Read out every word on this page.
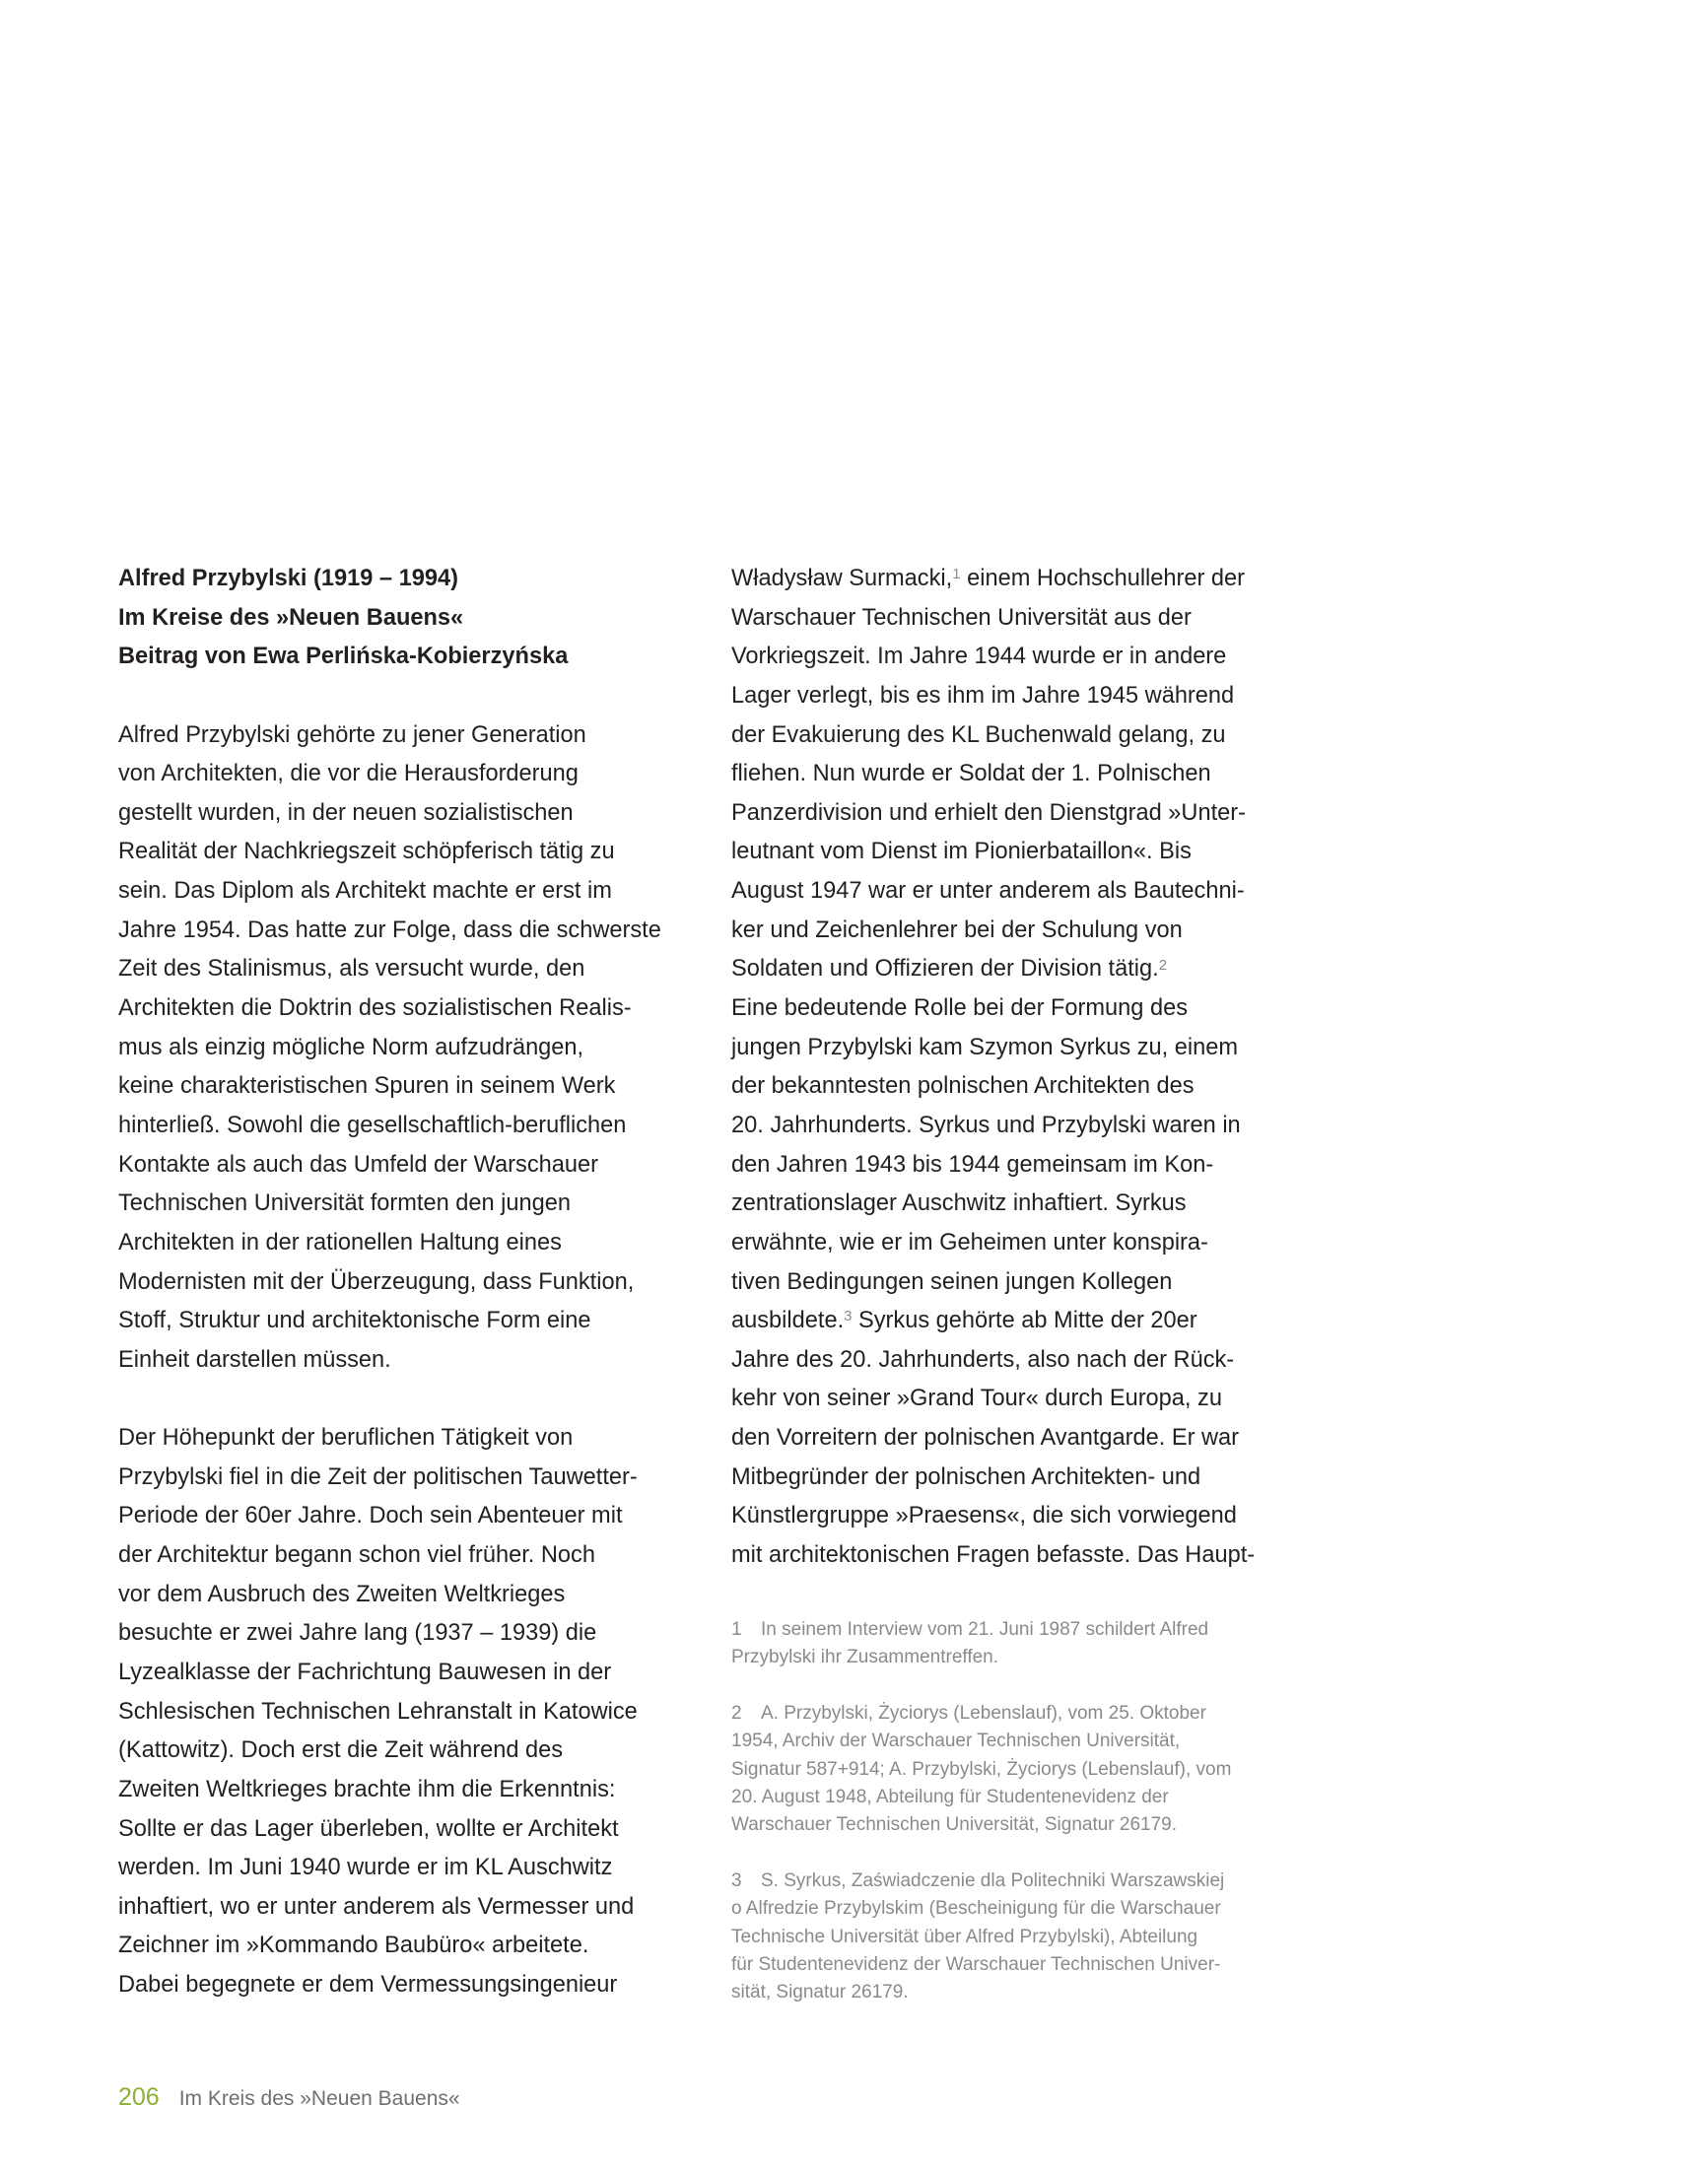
Alfred Przybylski (1919 – 1994)
Im Kreise des »Neuen Bauens«
Beitrag von Ewa Perlińska-Kobierzyńska
Alfred Przybylski gehörte zu jener Generation
von Architekten, die vor die Herausforderung
gestellt wurden, in der neuen sozialistischen
Realität der Nachkriegszeit schöpferisch tätig zu
sein. Das Diplom als Architekt machte er erst im
Jahre 1954. Das hatte zur Folge, dass die schwerste
Zeit des Stalinismus, als versucht wurde, den
Architekten die Doktrin des sozialistischen Realis-
mus als einzig mögliche Norm aufzudrängen,
keine charakteristischen Spuren in seinem Werk
hinterließ. Sowohl die gesellschaftlich-beruflichen
Kontakte als auch das Umfeld der Warschauer
Technischen Universität formten den jungen
Architekten in der rationellen Haltung eines
Modernisten mit der Überzeugung, dass Funktion,
Stoff, Struktur und architektonische Form eine
Einheit darstellen müssen.
Der Höhepunkt der beruflichen Tätigkeit von
Przybylski fiel in die Zeit der politischen Tauwetter-
Periode der 60er Jahre. Doch sein Abenteuer mit
der Architektur begann schon viel früher. Noch
vor dem Ausbruch des Zweiten Weltkrieges
besuchte er zwei Jahre lang (1937 – 1939) die
Lyzealklasse der Fachrichtung Bauwesen in der
Schlesischen Technischen Lehranstalt in Katowice
(Kattowitz). Doch erst die Zeit während des
Zweiten Weltkrieges brachte ihm die Erkenntnis:
Sollte er das Lager überleben, wollte er Architekt
werden. Im Juni 1940 wurde er im KL Auschwitz
inhaftiert, wo er unter anderem als Vermesser und
Zeichner im »Kommando Baubüro« arbeitete.
Dabei begegnete er dem Vermessungsingenieur
Władysław Surmacki,$^1$ einem Hochschullehrer der
Warschauer Technischen Universität aus der
Vorkriegszeit. Im Jahre 1944 wurde er in andere
Lager verlegt, bis es ihm im Jahre 1945 während
der Evakuierung des KL Buchenwald gelang, zu
fliehen. Nun wurde er Soldat der 1. Polnischen
Panzerdivision und erhielt den Dienstgrad »Unter-
leutnant vom Dienst im Pionierbataillon«. Bis
August 1947 war er unter anderem als Bautechni-
ker und Zeichenlehrer bei der Schulung von
Soldaten und Offizieren der Division tätig.$^2$
Eine bedeutende Rolle bei der Formung des
jungen Przybylski kam Szymon Syrkus zu, einem
der bekanntesten polnischen Architekten des
20. Jahrhunderts. Syrkus und Przybylski waren in
den Jahren 1943 bis 1944 gemeinsam im Kon-
zentrationslager Auschwitz inhaftiert. Syrkus
erwähnte, wie er im Geheimen unter konspira-
tiven Bedingungen seinen jungen Kollegen
ausbildete.$^3$ Syrkus gehörte ab Mitte der 20er
Jahre des 20. Jahrhunderts, also nach der Rück-
kehr von seiner »Grand Tour« durch Europa, zu
den Vorreitern der polnischen Avantgarde. Er war
Mitbegründer der polnischen Architekten- und
Künstlergruppe »Praesens«, die sich vorwiegend
mit architektonischen Fragen befasste. Das Haupt-
1 In seinem Interview vom 21. Juni 1987 schildert Alfred
Przybylski ihr Zusammentreffen.
2 A. Przybylski, Życiorys (Lebenslauf), vom 25. Oktober
1954, Archiv der Warschauer Technischen Universität,
Signatur 587+914; A. Przybylski, Życiorys (Lebenslauf), vom
20. August 1948, Abteilung für Studentenevidenz der
Warschauer Technischen Universität, Signatur 26179.
3 S. Syrkus, Zaświadczenie dla Politechniki Warszawskiej
o Alfredzie Przybylskim (Bescheinigung für die Warschauer
Technische Universität über Alfred Przybylski), Abteilung
für Studentenevidenz der Warschauer Technischen Univer-
sität, Signatur 26179.
206 Im Kreis des »Neuen Bauens«
